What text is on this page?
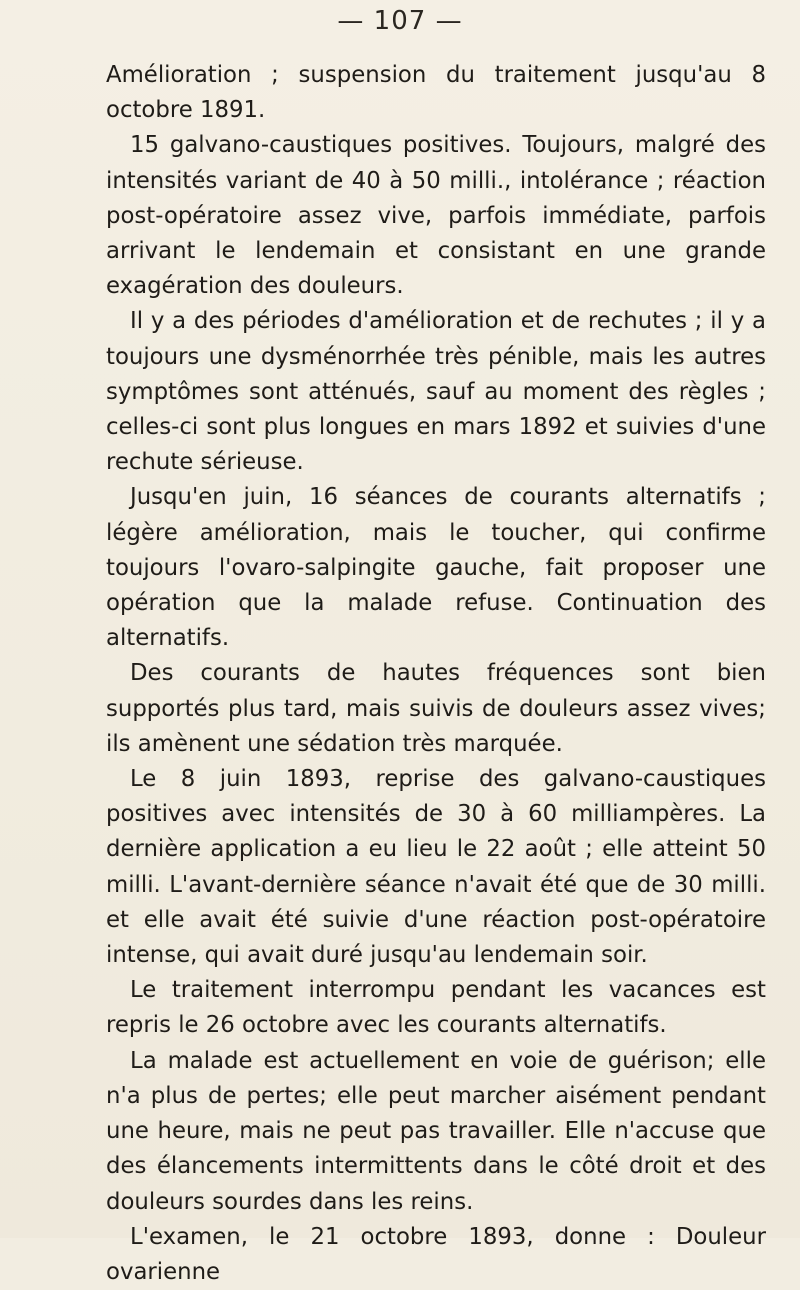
— 107 —

Amélioration ; suspension du traitement jusqu'au 8 octobre 1891.

15 galvano-caustiques positives. Toujours, malgré des intensités variant de 40 à 50 milli., intolérance ; réaction post-opératoire assez vive, parfois immédiate, parfois arrivant le lendemain et consistant en une grande exagération des douleurs.

Il y a des périodes d'amélioration et de rechutes ; il y a toujours une dysménorrhée très pénible, mais les autres symptômes sont atténués, sauf au moment des règles ; celles-ci sont plus longues en mars 1892 et suivies d'une rechute sérieuse.

Jusqu'en juin, 16 séances de courants alternatifs ; légère amélioration, mais le toucher, qui confirme toujours l'ovaro-salpingite gauche, fait proposer une opération que la malade refuse. Continuation des alternatifs.

Des courants de hautes fréquences sont bien supportés plus tard, mais suivis de douleurs assez vives; ils amènent une sédation très marquée.

Le 8 juin 1893, reprise des galvano-caustiques positives avec intensités de 30 à 60 milliampères. La dernière application a eu lieu le 22 août ; elle atteint 50 milli. L'avant-dernière séance n'avait été que de 30 milli. et elle avait été suivie d'une réaction post-opératoire intense, qui avait duré jusqu'au lendemain soir.

Le traitement interrompu pendant les vacances est repris le 26 octobre avec les courants alternatifs.

La malade est actuellement en voie de guérison; elle n'a plus de pertes; elle peut marcher aisément pendant une heure, mais ne peut pas travailler. Elle n'accuse que des élancements intermittents dans le côté droit et des douleurs sourdes dans les reins.

L'examen, le 21 octobre 1893, donne : Douleur ovarienne
